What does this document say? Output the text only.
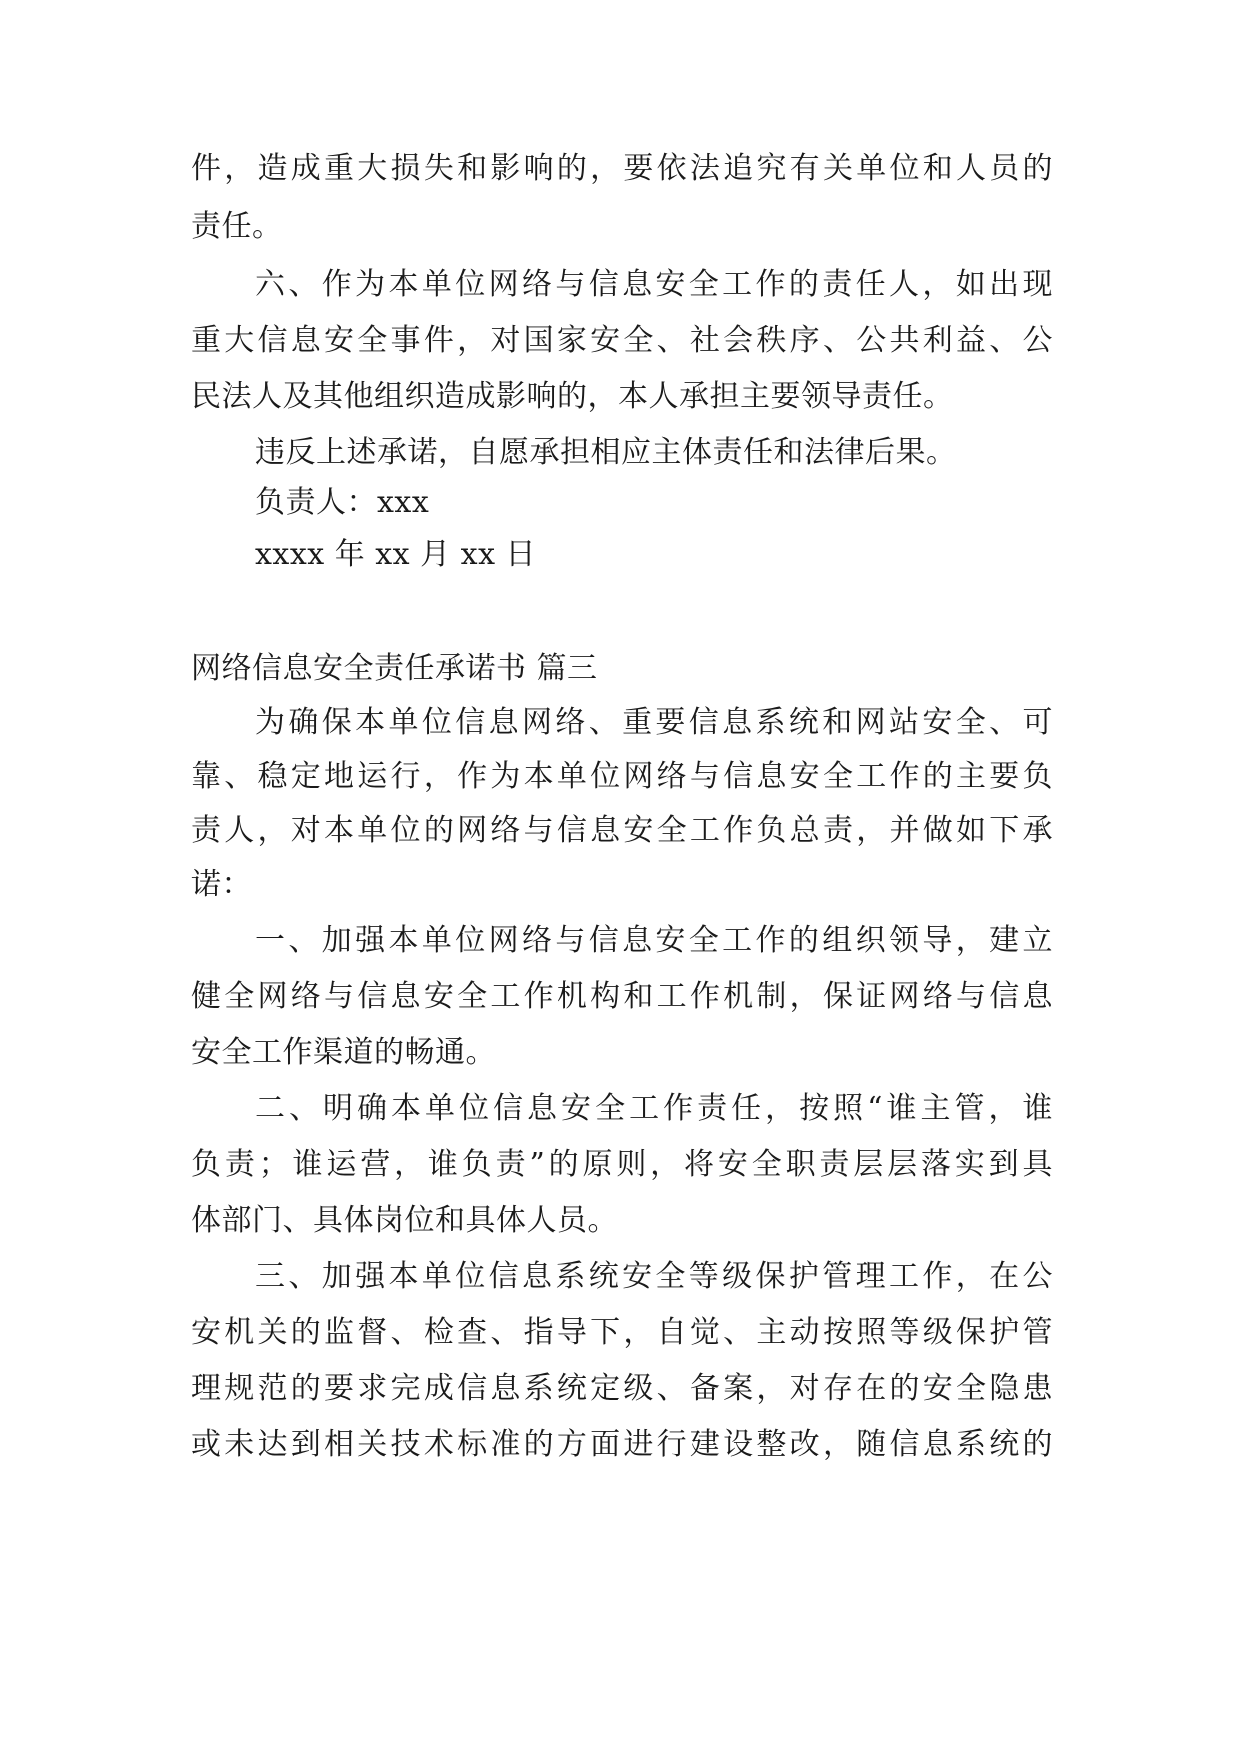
件，造成重大损失和影响的，要依法追究有关单位和人员的
责任。
六、作为本单位网络与信息安全工作的责任人，如出现
重大信息安全事件，对国家安全、社会秩序、公共利益、公
民法人及其他组织造成影响的，本人承担主要领导责任。
违反上述承诺，自愿承担相应主体责任和法律后果。
负责人：xxx
xxxx 年 xx 月 xx 日
网络信息安全责任承诺书 篇三
为确保本单位信息网络、重要信息系统和网站安全、可
靠、稳定地运行，作为本单位网络与信息安全工作的主要负
责人，对本单位的网络与信息安全工作负总责，并做如下承
诺：
一、加强本单位网络与信息安全工作的组织领导，建立
健全网络与信息安全工作机构和工作机制，保证网络与信息
安全工作渠道的畅通。
二、明确本单位信息安全工作责任，按照“谁主管，谁
负责；谁运营，谁负责”的原则，将安全职责层层落实到具
体部门、具体岗位和具体人员。
三、加强本单位信息系统安全等级保护管理工作，在公
安机关的监督、检查、指导下，自觉、主动按照等级保护管
理规范的要求完成信息系统定级、备案，对存在的安全隐患
或未达到相关技术标准的方面进行建设整改，随信息系统的
